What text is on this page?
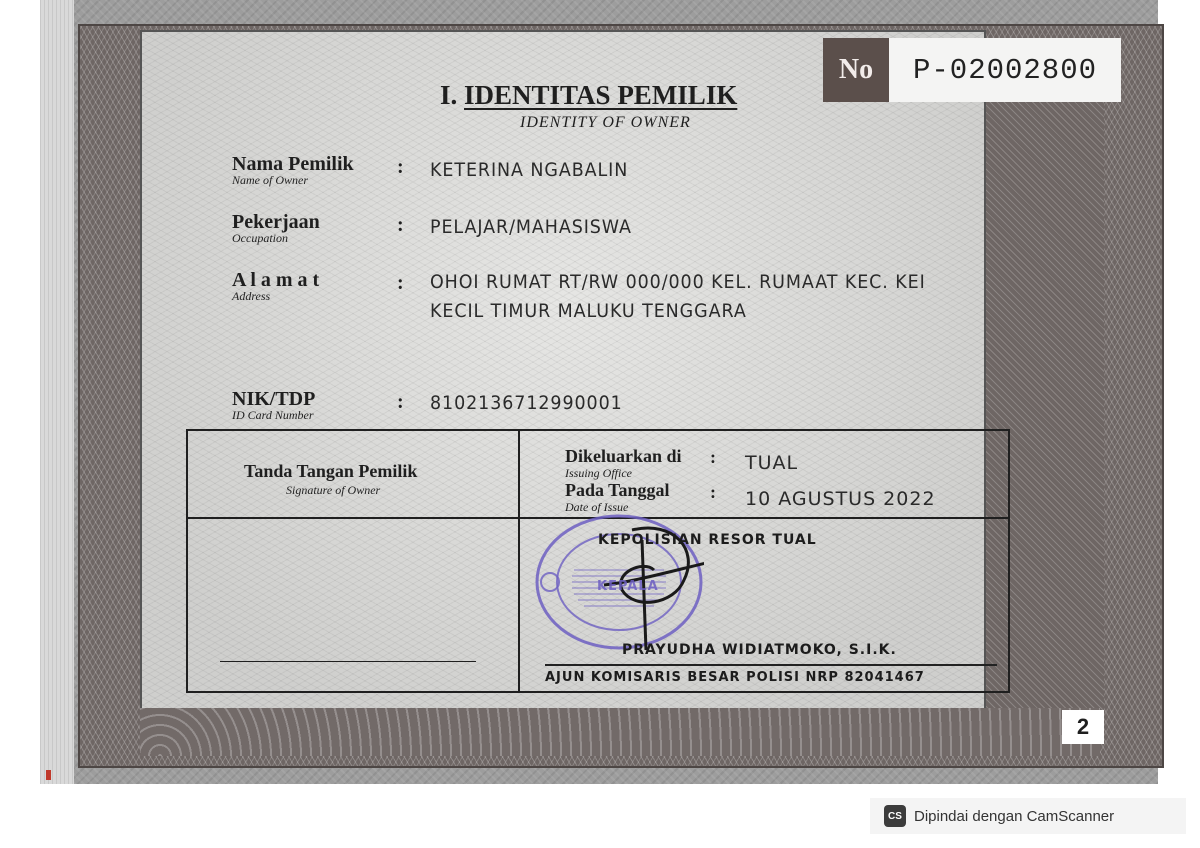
No	P-02002800
I. IDENTITAS PEMILIK
IDENTITY OF OWNER
Nama Pemilik
Name of Owner
: KETERINA NGABALIN
Pekerjaan
Occupation
: PELAJAR/MAHASISWA
A l a m a t
Address
: OHOI RUMAT RT/RW 000/000 KEL. RUMAAT KEC. KEI
KECIL TIMUR MALUKU TENGGARA
NIK/TDP
ID Card Number
: 8102136712990001
Tanda Tangan Pemilik
Signature of Owner
Dikeluarkan di
Issuing Office
: TUAL
Pada Tanggal
Date of Issue
: 10 AGUSTUS 2022
KEPALA
KEPOLISIAN RESOR TUAL
PRAYUDHA WIDIATMOKO, S.I.K.
AJUN KOMISARIS BESAR POLISI NRP 82041467
2
CS Dipindai dengan CamScanner
